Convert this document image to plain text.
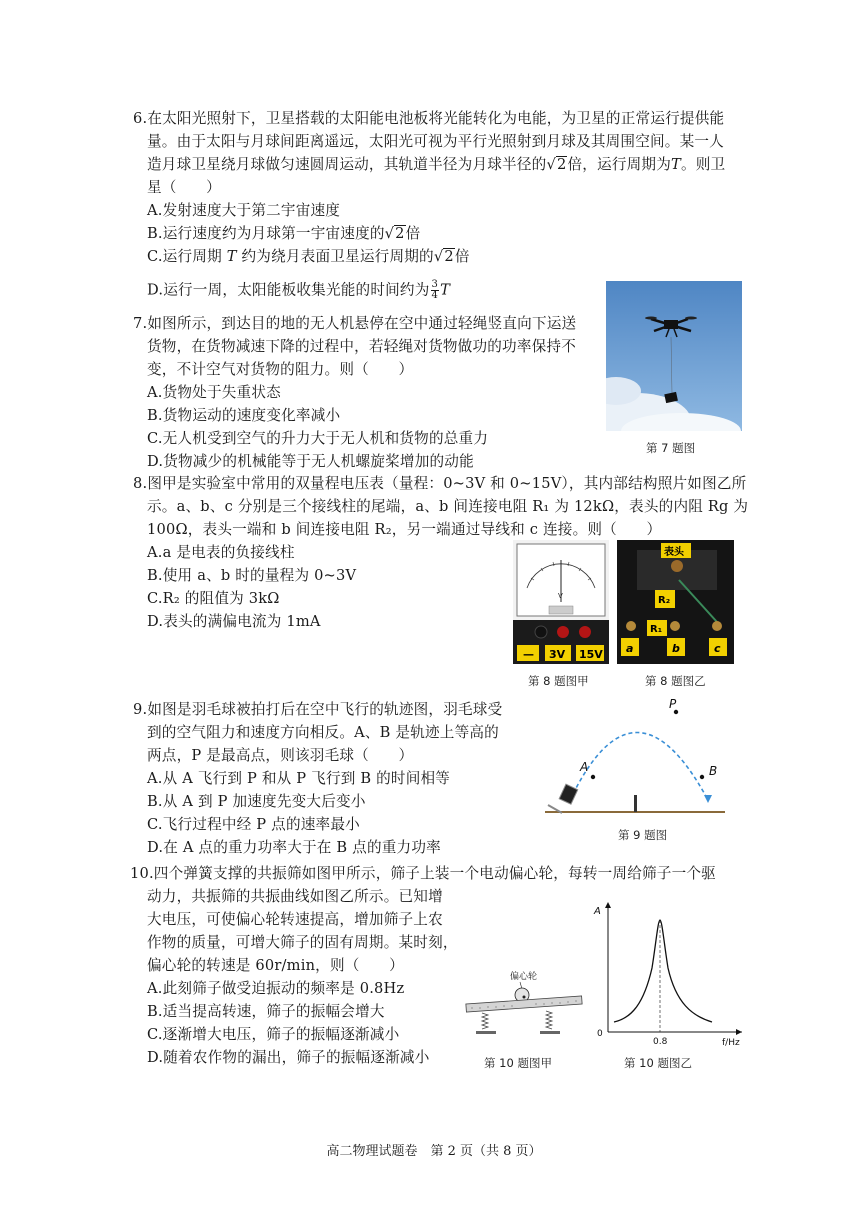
6.在太阳光照射下，卫星搭载的太阳能电池板将光能转化为电能，为卫星的正常运行提供能
量。由于太阳与月球间距离遥远，太阳光可视为平行光照射到月球及其周围空间。某一人
造月球卫星绕月球做匀速圆周运动，其轨道半径为月球半径的√2倍，运行周期为T。则卫
星（　　）
A.发射速度大于第二宇宙速度
B.运行速度约为月球第一宇宙速度的√2倍
C.运行周期 T 约为绕月表面卫星运行周期的√2倍
D.运行一周，太阳能板收集光能的时间约为 $\frac{3}{4}$ T
7.如图所示，到达目的地的无人机悬停在空中通过轻绳竖直向下运送
货物，在货物减速下降的过程中，若轻绳对货物做功的功率保持不
变，不计空气对货物的阻力。则（　　）
A.货物处于失重状态
B.货物运动的速度变化率减小
C.无人机受到空气的升力大于无人机和货物的总重力
D.货物减少的机械能等于无人机螺旋桨增加的动能
第 7 题图
8.图甲是实验室中常用的双量程电压表（量程：0~3V 和 0~15V），其内部结构照片如图乙所
示。a、b、c 分别是三个接线柱的尾端，a、b 间连接电阻 R₁ 为 12kΩ，表头的内阻 Rg 为
100Ω，表头一端和 b 间连接电阻 R₂，另一端通过导线和 c 连接。则（　　）
A.a 是电表的负接线柱
B.使用 a、b 时的量程为 0~3V
C.R₂ 的阻值为 3kΩ
D.表头的满偏电流为 1mA
V
— 3V 15V
第 8 题图甲
表头
R₂
R₁
a	b	c
第 8 题图乙
9.如图是羽毛球被拍打后在空中飞行的轨迹图，羽毛球受
到的空气阻力和速度方向相反。A、B 是轨迹上等高的
两点，P 是最高点，则该羽毛球（　　）
A.从 A 飞行到 P 和从 P 飞行到 B 的时间相等
B.从 A 到 P 加速度先变大后变小
C.飞行过程中经 P 点的速率最小
D.在 A 点的重力功率大于在 B 点的重力功率
A
P
B
第 9 题图
10.四个弹簧支撑的共振筛如图甲所示，筛子上装一个电动偏心轮，每转一周给筛子一个驱
动力，共振筛的共振曲线如图乙所示。已知增
大电压，可使偏心轮转速提高，增加筛子上农
作物的质量，可增大筛子的固有周期。某时刻，
偏心轮的转速是 60r/min，则（　　）
A.此刻筛子做受迫振动的频率是 0.8Hz
B.适当提高转速，筛子的振幅会增大
C.逐渐增大电压，筛子的振幅逐渐减小
D.随着农作物的漏出，筛子的振幅逐渐减小
偏心轮
第 10 题图甲
A
f/Hz
0
0.8
第 10 题图乙
高二物理试题卷　第 2 页（共 8 页）
